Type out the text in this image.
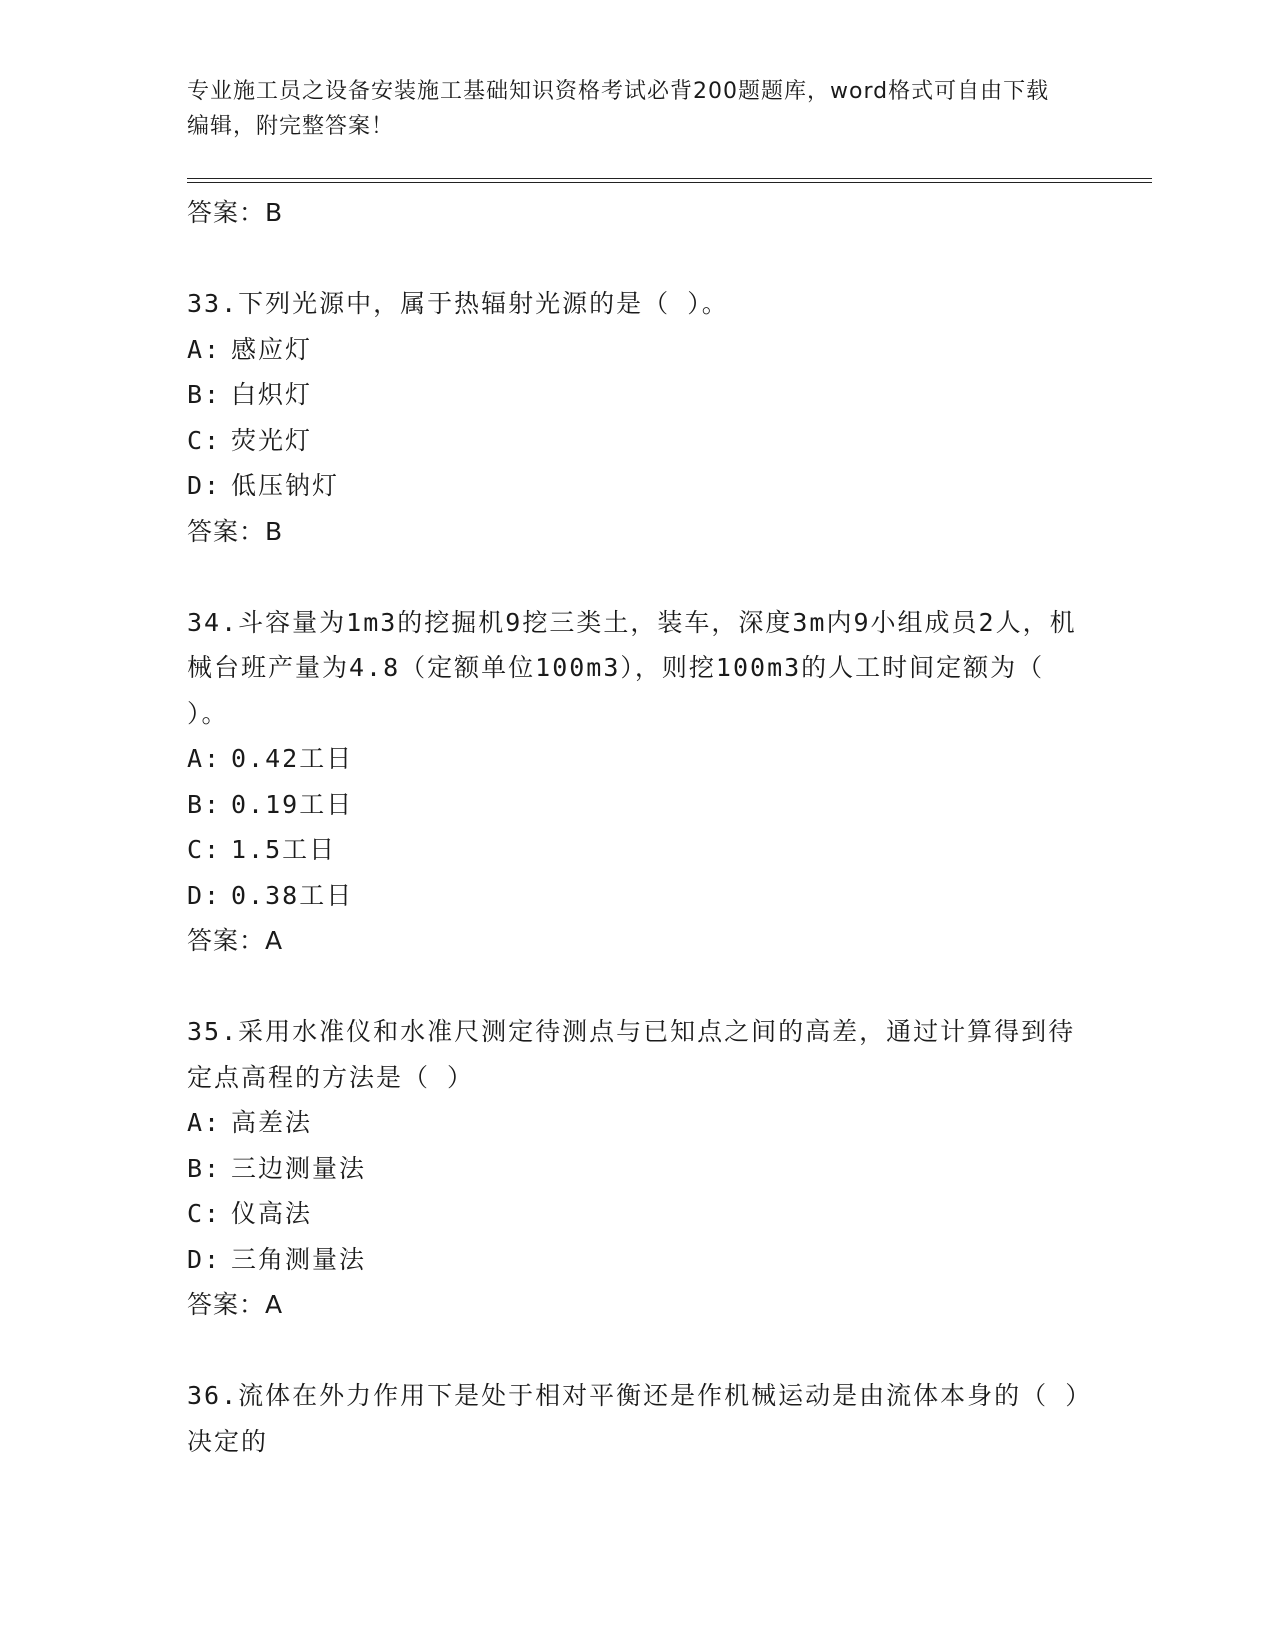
专业施工员之设备安装施工基础知识资格考试必背200题题库，word格式可自由下载编辑，附完整答案！
答案：B
33.下列光源中，属于热辐射光源的是（ ）。
A: 感应灯
B: 白炽灯
C: 荧光灯
D: 低压钠灯
答案：B
34.斗容量为1m3的挖掘机9挖三类土，装车，深度3m内9小组成员2人，机械台班产量为4.8（定额单位100m3），则挖100m3的人工时间定额为（ ）。
A: 0.42工日
B: 0.19工日
C: 1.5工日
D: 0.38工日
答案：A
35.采用水准仪和水准尺测定待测点与已知点之间的高差，通过计算得到待定点高程的方法是（ ）
A: 高差法
B: 三边测量法
C: 仪高法
D: 三角测量法
答案：A
36.流体在外力作用下是处于相对平衡还是作机械运动是由流体本身的（ ）决定的
